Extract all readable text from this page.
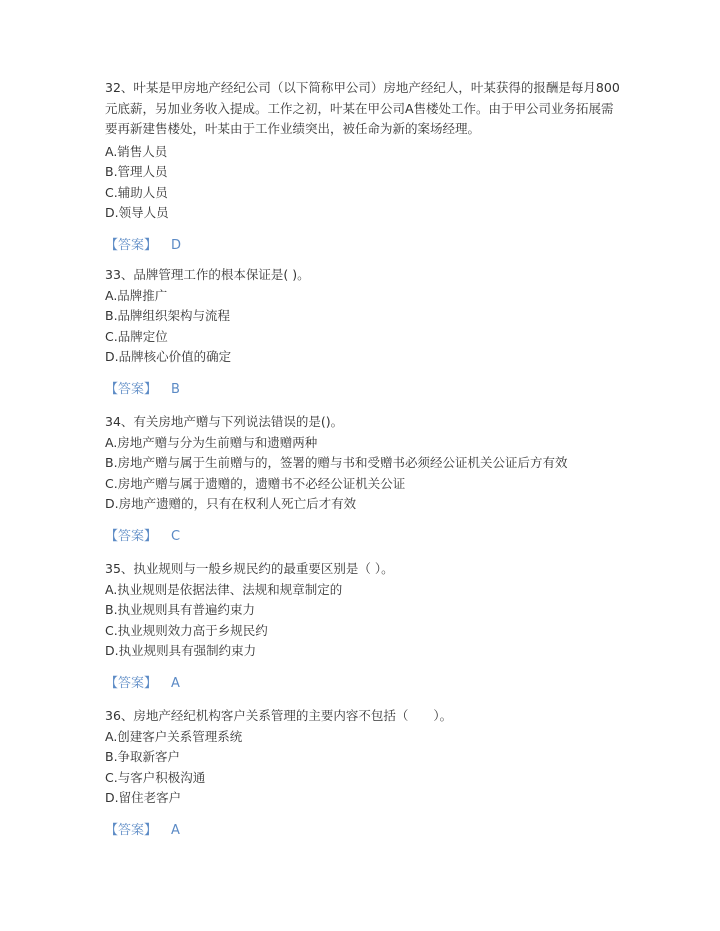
32、叶某是甲房地产经纪公司（以下简称甲公司）房地产经纪人，叶某获得的报酬是每月800元底薪，另加业务收入提成。工作之初，叶某在甲公司A售楼处工作。由于甲公司业务拓展需要再新建售楼处，叶某由于工作业绩突出，被任命为新的案场经理。

A.销售人员

B.管理人员

C.辅助人员

D.领导人员

【答案】 D

33、品牌管理工作的根本保证是( )。

A.品牌推广

B.品牌组织架构与流程

C.品牌定位

D.品牌核心价值的确定

【答案】 B

34、有关房地产赠与下列说法错误的是()。

A.房地产赠与分为生前赠与和遗赠两种

B.房地产赠与属于生前赠与的，签署的赠与书和受赠书必须经公证机关公证后方有效

C.房地产赠与属于遗赠的，遗赠书不必经公证机关公证

D.房地产遗赠的，只有在权利人死亡后才有效

【答案】 C

35、执业规则与一般乡规民约的最重要区别是（ ）。

A.执业规则是依据法律、法规和规章制定的

B.执业规则具有普遍约束力

C.执业规则效力高于乡规民约

D.执业规则具有强制约束力

【答案】 A

36、房地产经纪机构客户关系管理的主要内容不包括（　　）。

A.创建客户关系管理系统

B.争取新客户

C.与客户积极沟通

D.留住老客户

【答案】 A
